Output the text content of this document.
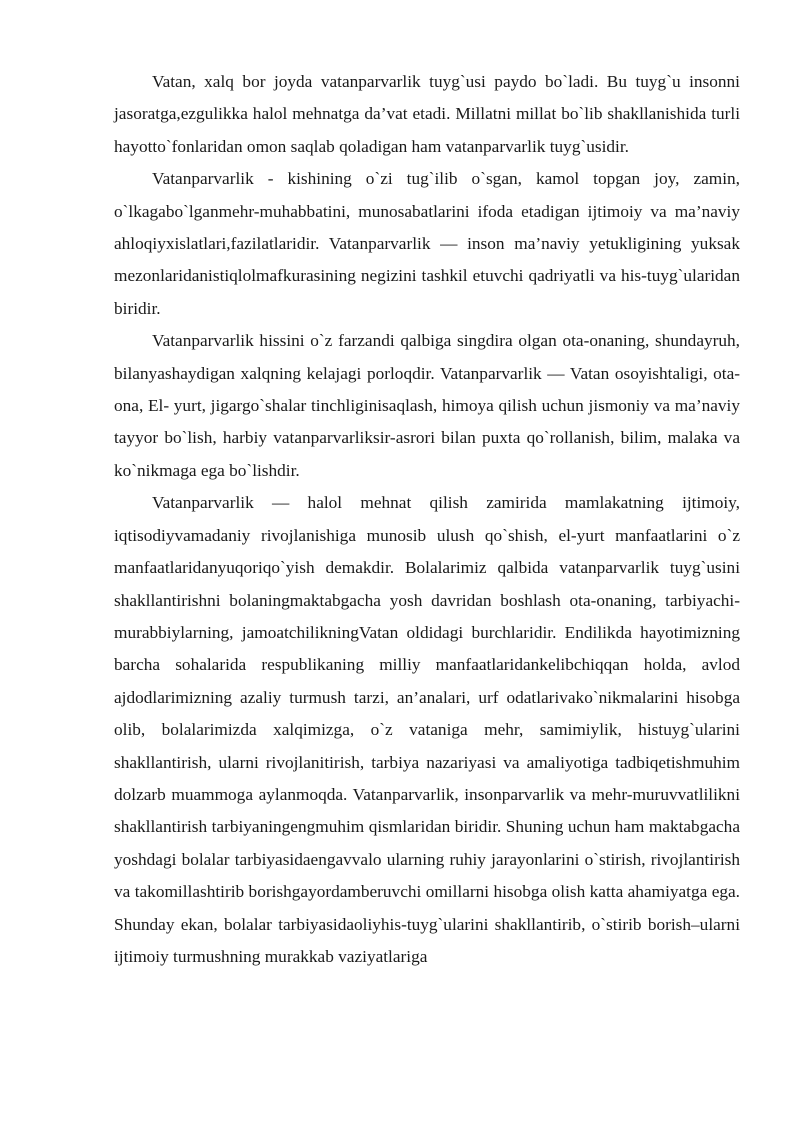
Vatan, xalq bor joyda vatanparvarlik tuyg`usi paydo bo`ladi. Bu tuyg`u insonni jasoratga,ezgulikka halol mehnatga da’vat etadi. Millatni millat bo`lib shakllanishida turli hayotto`fonlaridan omon saqlab qoladigan ham vatanparvarlik tuyg`usidir.

Vatanparvarlik - kishining o`zi tug`ilib o`sgan, kamol topgan joy, zamin, o`lkagabo`lganmehr-muhabbatini, munosabatlarini ifoda etadigan ijtimoiy va ma’naviy ahloqiyxislatlari,fazilatlaridir. Vatanparvarlik — inson ma’naviy yetukligining yuksak mezonlaridanistiqlolmafkurasining negizini tashkil etuvchi qadriyatli va his-tuyg`ularidan biridir.

Vatanparvarlik hissini o`z farzandi qalbiga singdira olgan ota-onaning, shundayruh, bilanyashaydigan xalqning kelajagi porloqdir. Vatanparvarlik — Vatan osoyishtaligi, ota-ona, El- yurt, jigargo`shalar tinchliginisaqlash, himoya qilish uchun jismoniy va ma’naviy tayyor bo`lish, harbiy vatanparvarliksir-asrori bilan puxta qo`rollanish, bilim, malaka va ko`nikmaga ega bo`lishdir.

Vatanparvarlik — halol mehnat qilish zamirida mamlakatning ijtimoiy, iqtisodiyvamadaniy rivojlanishiga munosib ulush qo`shish, el-yurt manfaatlarini o`z manfaatlaridanyuqoriqo`yish demakdir. Bolalarimiz qalbida vatanparvarlik tuyg`usini shakllantirishni bolaningmaktabgacha yosh davridan boshlash ota-onaning, tarbiyachi-murabbiylarning, jamoatchilikningVatan oldidagi burchlaridir. Endilikda hayotimizning barcha sohalarida respublikaning milliy manfaatlaridankelibchiqqan holda, avlod ajdodlarimizning azaliy turmush tarzi, an’analari, urf odatlarivako`nikmalarini hisobga olib, bolalarimizda xalqimizga, o`z vataniga mehr, samimiylik, histuyg`ularini shakllantirish, ularni rivojlanitirish, tarbiya nazariyasi va amaliyotiga tadbiqetishmuhim dolzarb muammoga aylanmoqda. Vatanparvarlik, insonparvarlik va mehr-muruvvatlilikni shakllantirish tarbiyaningengmuhim qismlaridan biridir. Shuning uchun ham maktabgacha yoshdagi bolalar tarbiyasidaengavvalo ularning ruhiy jarayonlarini o`stirish, rivojlantirish va takomillashtirib borishgayordamberuvchi omillarni hisobga olish katta ahamiyatga ega. Shunday ekan, bolalar tarbiyasidaoliyhis-tuyg`ularini shakllantirib, o`stirib borish–ularni ijtimoiy turmushning murakkab vaziyatlariga
